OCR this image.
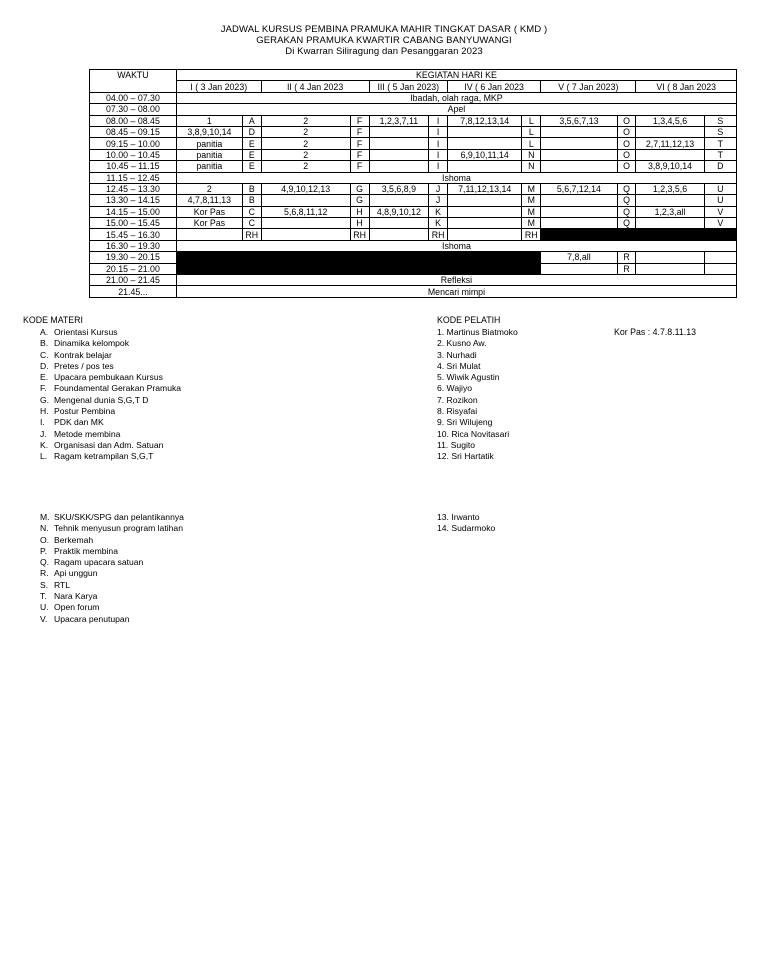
JADWAL KURSUS PEMBINA PRAMUKA MAHIR TINGKAT DASAR ( KMD )
GERAKAN PRAMUKA KWARTIR CABANG BANYUWANGI
Di Kwarran Siliragung dan Pesanggaran 2023
WAKTU	KEGIATAN HARI KE											
	I ( 3 Jan 2023)		II ( 4 Jan 2023		III ( 5 Jan 2023)		IV ( 6 Jan 2023		V ( 7 Jan 2023)		VI ( 8 Jan 2023	
04.00 – 07.30	Ibadah, olah raga, MKP											
07.30 – 08.00	Apel											
08.00 – 08.45	1	A	2	F	1,2,3,7,11	I	7,8,12,13,14	L	3,5,6,7,13	O	1,3,4,5,6	S
08.45 – 09.15	3,8,9,10,14	D	2	F		I		L		O		S
09.15 – 10.00	panitia	E	2	F		I		L		O	2,7,11,12,13	T
10.00 – 10.45	panitia	E	2	F		I	6,9,10,11,14	N		O		T
10.45 – 11.15	panitia	E	2	F		I		N		O	3,8,9,10,14	D
11.15 – 12.45	Ishoma											
12.45 – 13.30	2	B	4,9,10,12,13	G	3,5,6,8,9	J	7,11,12,13,14	M	5,6,7,12,14	Q	1,2,3,5,6	U
13.30 – 14.15	4,7,8,11,13	B		G		J		M		Q		U
14.15 – 15.00	Kor Pas	C	5,6,8,11,12	H	4,8,9,10,12	K		M		Q	1,2,3,all	V
15.00 – 15.45	Kor Pas	C		H		K		M		Q		V
15.45 – 16.30		RH		RH		RH		RH				
16.30 – 19.30	Ishoma											
19.30 – 20.15									7,8,all	R		
20.15 – 21.00										R		
21.00 – 21.45	Refleksi											
21.45...	Mencari mimpi											
KODE MATERI
A. Orientasi Kursus
B. Dinamika kelompok
C. Kontrak belajar
D. Pretes / pos tes
E. Upacara pembukaan Kursus
F. Foundamental Gerakan Pramuka
G. Mengenal dunia S,G,T D
H. Postur Pembina
I.	PDK dan MK
J. Metode membina
K. Organisasi dan Adm. Satuan
L. Ragam ketrampilan S,G,T
M. SKU/SKK/SPG dan pelantikannya
N. Tehnik menyusun program latihan
O. Berkemah
P. Praktik membina
Q. Ragam upacara satuan
R. Api unggun
S. RTL
T. Nara Karya
U. Open forum
V. Upacara penutupan
KODE PELATIH
Kor Pas : 4.7.8.11.13
1. Martinus Biatmoko
2. Kusno Aw.
3. Nurhadi
4. Sri Mulat
5. Wiwik Agustin
6. Wajiyo
7. Rozikon
8. Risyafai
9. Sri Wilujeng
10. Rica Novitasari
11. Sugito
12. Sri Hartatik
13. Irwanto
14. Sudarmoko
